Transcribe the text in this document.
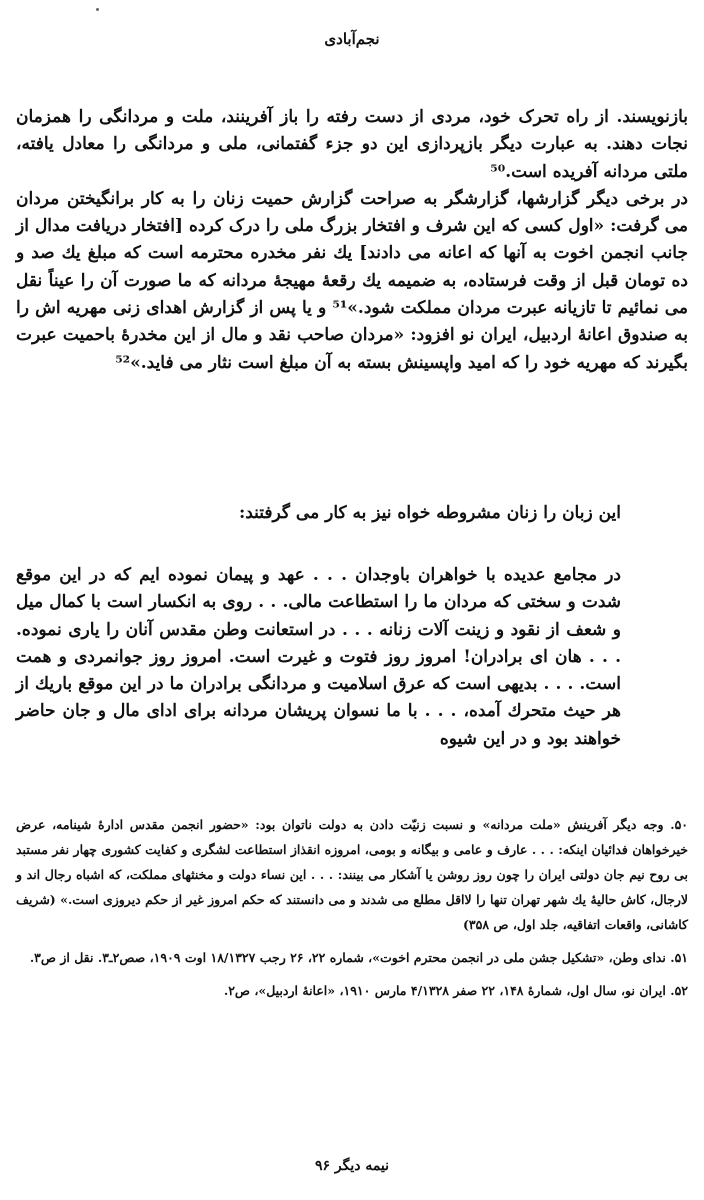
نجم‌آبادی

بازنویسند. از راه تحرک خود، مردی از دست رفته را باز آفرینند، ملت و مردانگی را همزمان نجات دهند. به عبارت دیگر بازپردازی این دو جزء گفتمانی، ملی و مردانگی را معادل یافته، ملتی مردانه آفریده است.⁵⁰

در برخی دیگر گزارشها، گزارشگر به صراحت گزارش حمیت زنان را به کار برانگیختن مردان می گرفت: «اول کسی که این شرف و افتخار بزرگ ملی را درک کرده [افتخار دریافت مدال از جانب انجمن اخوت به آنها که اعانه می دادند] یك نفر مخدره محترمه است که مبلغ یك صد و ده تومان قبل از وقت فرستاده، به ضمیمه یك رقعهٔ مهیجهٔ مردانه که ما صورت آن را عیناً نقل می نمائیم تا تازیانه عبرت مردان مملکت شود.»⁵¹ و یا پس از گزارش اهدای زنی مهریه اش را به صندوق اعانهٔ اردبیل، ایران نو افزود: «مردان صاحب نقد و مال از این مخدرهٔ باحمیت عبرت بگیرند که مهریه خود را که امید واپسینش بسته به آن مبلغ است نثار می فاید.»⁵²

این زبان را زنان مشروطه خواه نیز به کار می گرفتند:
در مجامع عدیده با خواهران باوجدان . . . عهد و پیمان نموده ایم که در این موقع شدت و سختی که مردان ما را استطاعت مالی. . . روی به انکسار است با کمال میل و شعف از نقود و زینت آلات زنانه . . . در استعانت وطن مقدس آنان را یاری نموده. . . . هان ای برادران! امروز روز فتوت و غیرت است. امروز روز جوانمردی و همت است. . . . بدیهی است که عرق اسلامیت و مردانگی برادران ما در این موقع باریك از هر حیث متحرك آمده، . . . با ما نسوان پریشان مردانه برای ادای مال و جان حاضر خواهند بود و در این شیوه

۵۰. وجه دیگر آفرینش «ملت مردانه» و نسبت زنیّت دادن به دولت ناتوان بود: «حضور انجمن مقدس ادارهٔ شینامه، عرض خیرخواهان فدائیان اینکه: . . . عارف و عامی و بیگانه و بومی، امروزه انقذاز استطاعت لشگری و کفایت کشوری چهار نفر مستبد بی روح نیم جان دولتی ایران را چون روز روشن یا آشکار می بینند: . . . این نساء دولت و مخنثهای مملکت، که اشباه رجال اند و لارجال، کاش حالیهٔ یك شهر تهران تنها را لااقل مطلع می شدند و می دانستند که حکم امروز غیر از حکم دیروزی است.» (شریف کاشانی، واقعات اتفاقیه، جلد اول، ص ۳۵۸)

۵۱. ندای وطن، «تشکیل جشن ملی در انجمن محترم اخوت»، شماره ۲۲، ۲۶ رجب ۱۸/۱۳۲۷ اوت ۱۹۰۹، صص۲ـ۳. نقل از ص۳.

۵۲. ایران نو، سال اول، شمارهٔ ۱۴۸، ۲۲ صفر ۴/۱۳۲۸ مارس ۱۹۱۰، «اعانهٔ اردبیل»، ص۲.

نیمه دیگر ۹۶
